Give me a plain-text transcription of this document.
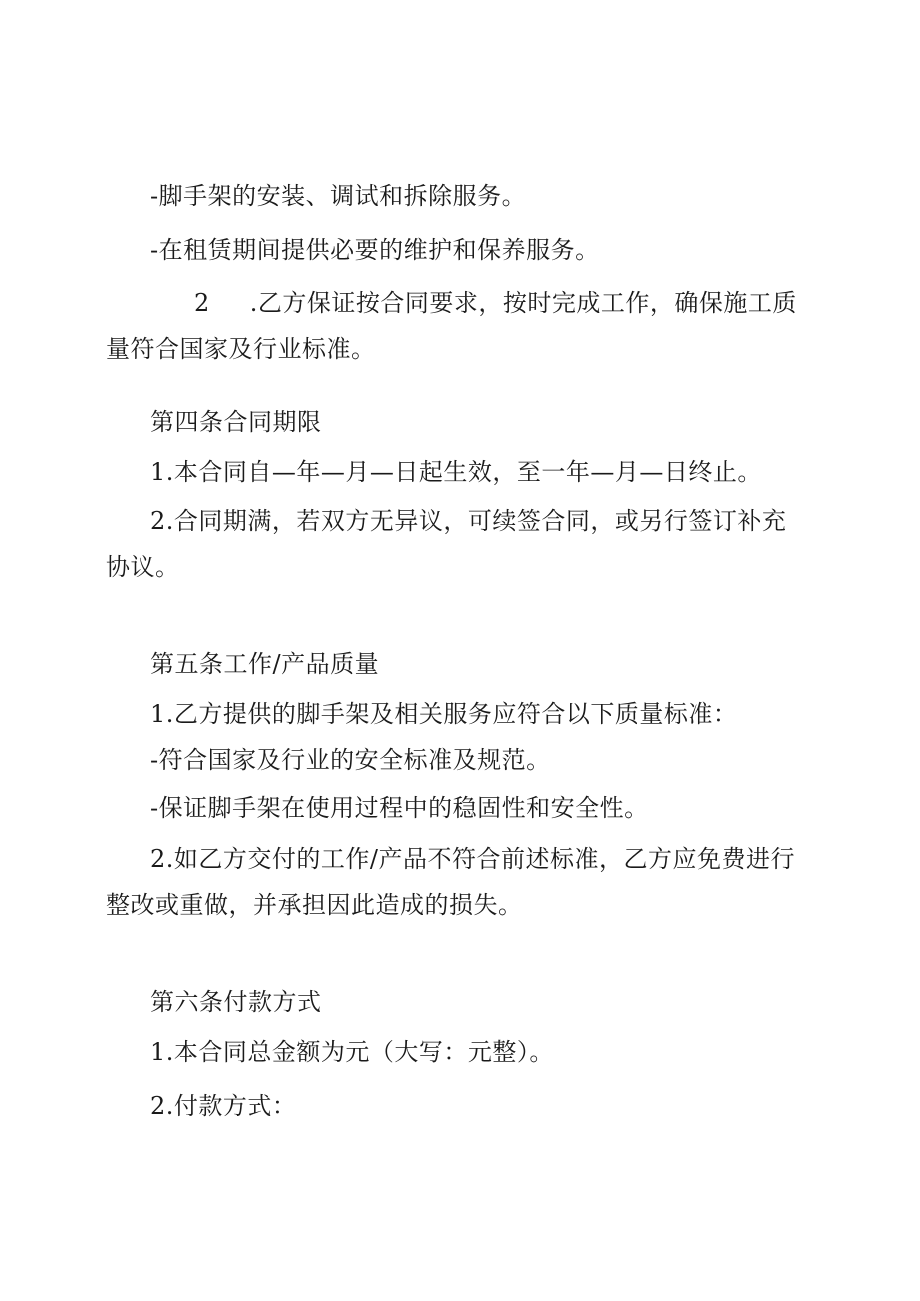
-脚手架的安装、调试和拆除服务。
-在租赁期间提供必要的维护和保养服务。
2 .乙方保证按合同要求，按时完成工作，确保施工质量符合国家及行业标准。
第四条合同期限
1.本合同自—年—月—日起生效，至一年—月—日终止。
2.合同期满，若双方无异议，可续签合同，或另行签订补充协议。
第五条工作/产品质量
1.乙方提供的脚手架及相关服务应符合以下质量标准：
-符合国家及行业的安全标准及规范。
-保证脚手架在使用过程中的稳固性和安全性。
2.如乙方交付的工作/产品不符合前述标准，乙方应免费进行整改或重做，并承担因此造成的损失。
第六条付款方式
1.本合同总金额为元（大写：元整）。
2.付款方式：
